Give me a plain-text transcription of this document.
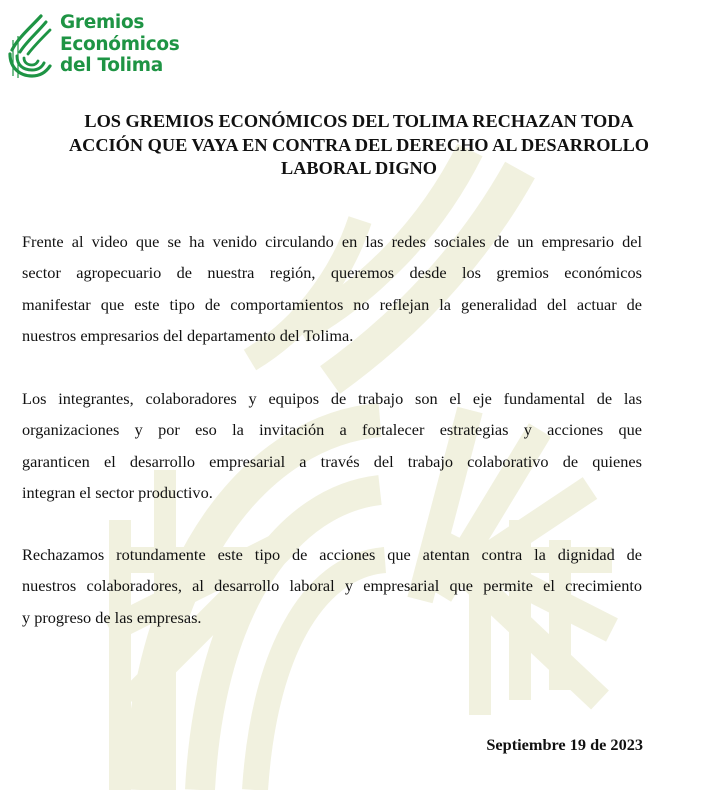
Gremios
Económicos
del Tolima
LOS GREMIOS ECONÓMICOS DEL TOLIMA RECHAZAN TODA
ACCIÓN QUE VAYA EN CONTRA DEL DERECHO AL DESARROLLO
LABORAL DIGNO

Frente al video que se ha venido circulando en las redes sociales de un empresario del
sector agropecuario de nuestra región, queremos desde los gremios económicos
manifestar que este tipo de comportamientos no reflejan la generalidad del actuar de
nuestros empresarios del departamento del Tolima.

Los integrantes, colaboradores y equipos de trabajo son el eje fundamental de las
organizaciones y por eso la invitación a fortalecer estrategias y acciones que
garanticen el desarrollo empresarial a través del trabajo colaborativo de quienes
integran el sector productivo.

Rechazamos rotundamente este tipo de acciones que atentan contra la dignidad de
nuestros colaboradores, al desarrollo laboral y empresarial que permite el crecimiento
y progreso de las empresas.

Septiembre 19 de 2023
